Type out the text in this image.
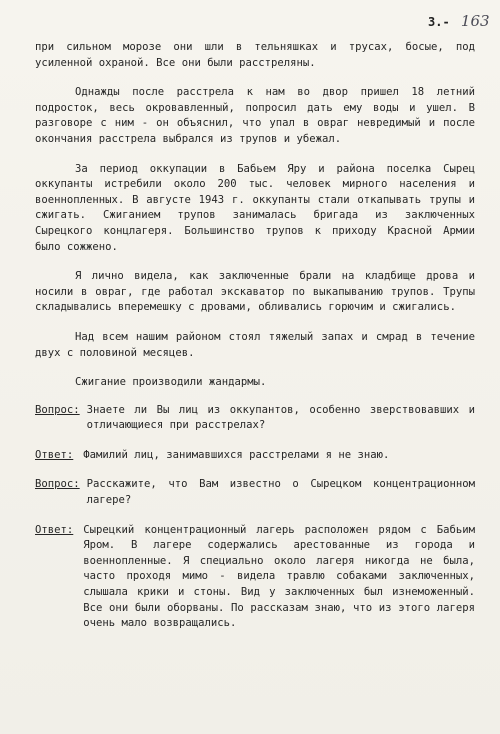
3.- 163

при сильном морозе они шли в тельняшках и трусах, босые, под усиленной охраной. Все они были расстреляны.

Однажды после расстрела к нам во двор пришел 18 летний подросток, весь окровавленный, попросил дать ему воды и ушел. В разговоре с ним - он объяснил, что упал в овраг невредимый и после окончания расстрела выбрался из трупов и убежал.

За период оккупации в Бабьем Яру и района поселка Сырец оккупанты истребили около 200 тыс. человек мирного населения и военнопленных. В августе 1943 г. оккупанты стали откапывать трупы и сжигать. Сжиганием трупов занималась бригада из заключенных Сырецкого концлагеря. Большинство трупов к приходу Красной Армии было сожжено.

Я лично видела, как заключенные брали на кладбище дрова и носили в овраг, где работал экскаватор по выкапыванию трупов. Трупы складывались вперемешку с дровами, обливались горючим и сжигались.

Над всем нашим районом стоял тяжелый запах и смрад в течение двух с половиной месяцев.

Сжигание производили жандармы.

Вопрос: Знаете ли Вы лиц из оккупантов, особенно зверствовавших и отличающиеся при расстрелах?
Ответ: Фамилий лиц, занимавшихся расстрелами я не знаю.
Вопрос: Расскажите, что Вам известно о Сырецком концентрационном лагере?
Ответ: Сырецкий концентрационный лагерь расположен рядом с Бабьим Яром. В лагере содержались арестованные из города и военнопленные. Я специально около лагеря никогда не была, часто проходя мимо - видела травлю собаками заключенных, слышала крики и стоны. Вид у заключенных был изнеможенный. Все они были оборваны. По рассказам знаю, что из этого лагеря очень мало возвращались.
